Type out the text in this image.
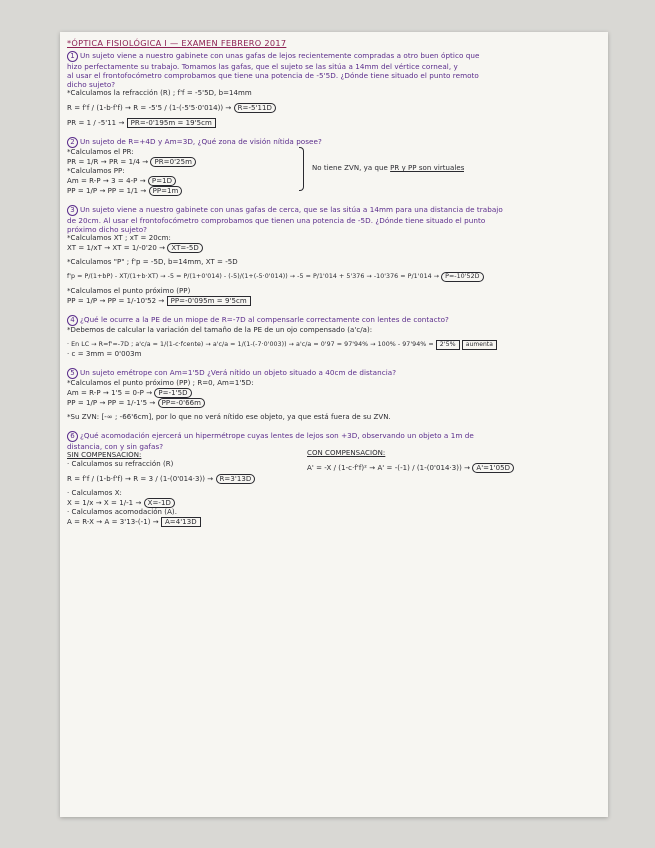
*ÓPTICA FISIOLÓGICA I — EXAMEN FEBRERO 2017
1 Un sujeto viene a nuestro gabinete con unas gafas de lejos recientemente compradas a otro buen óptico que
hizo perfectamente su trabajo. Tomamos las gafas, que el sujeto se las sitúa a 14mm del vértice corneal, y
al usar el frontofocómetro comprobamos que tiene una potencia de -5'5D. ¿Dónde tiene situado el punto remoto
dicho sujeto?
*Calculamos la refracción (R) ; f'f = -5'5D, b=14mm
R = f'f / (1-b·f'f) → R = -5'5 / (1-(-5'5·0'014)) → R=-5'11D
PR = 1 / -5'11 → PR=-0'195m = 19'5cm
2 Un sujeto de R=+4D y Am=3D, ¿Qué zona de visión nítida posee?
*Calculamos el PR:
PR = 1/R → PR = 1/4 → PR=0'25m
*Calculamos PP:
Am = R-P → 3 = 4-P → P=1D
PP = 1/P → PP = 1/1 → PP=1m
No tiene ZVN, ya que PR y PP son virtuales
3 Un sujeto viene a nuestro gabinete con unas gafas de cerca, que se las sitúa a 14mm para una distancia de trabajo
de 20cm. Al usar el frontofocómetro comprobamos que tienen una potencia de -5D. ¿Dónde tiene situado el punto
próximo dicho sujeto?
*Calculamos XT ; xT = 20cm:
XT = 1/xT → XT = 1/-0'20 → XT=-5D
*Calculamos "P" ; f'p = -5D, b=14mm, XT = -5D
f'p = P/(1+bP) - XT/(1+b·XT) → -5 = P/(1+0'014) - (-5)/(1+(-5·0'014)) → -5 = P/1'014 + 5'376 → -10'376 = P/1'014 → P=-10'52D
*Calculamos el punto próximo (PP)
PP = 1/P → PP = 1/-10'52 → PP=-0'095m = 9'5cm
4 ¿Qué le ocurre a la PE de un miope de R=-7D al compensarle correctamente con lentes de contacto?
*Debemos de calcular la variación del tamaño de la PE de un ojo compensado (a'c/a):
· En LC → R=f'=-7D ; a'c/a = 1/(1-c·fcente) → a'c/a = 1/(1-(-7·0'003)) → a'c/a = 0'97 = 97'94% → 100% - 97'94% = 2'5% aumenta
· c = 3mm = 0'003m
5 Un sujeto emétrope con Am=1'5D ¿Verá nítido un objeto situado a 40cm de distancia?
*Calculamos el punto próximo (PP) ; R=0, Am=1'5D:
Am = R-P → 1'5 = 0-P → P=-1'5D
PP = 1/P → PP = 1/-1'5 → PP=-0'66m
*Su ZVN: [-∞ ; -66'6cm], por lo que no verá nítido ese objeto, ya que está fuera de su ZVN.
6 ¿Qué acomodación ejercerá un hipermétrope cuyas lentes de lejos son +3D, observando un objeto a 1m de
distancia, con y sin gafas?
SIN COMPENSACIÓN:
· Calculamos su refracción (R)
R = f'f / (1-b·f'f) → R = 3 / (1-(0'014·3)) → R=3'13D
· Calculamos X:
X = 1/x → X = 1/-1 → X=-1D
· Calculamos acomodación (A).
A = R-X → A = 3'13-(-1) → A=4'13D
CON COMPENSACIÓN:
A' = -X / (1-c·f'f)² → A' = -(-1) / (1-(0'014·3)) → A'=1'05D
